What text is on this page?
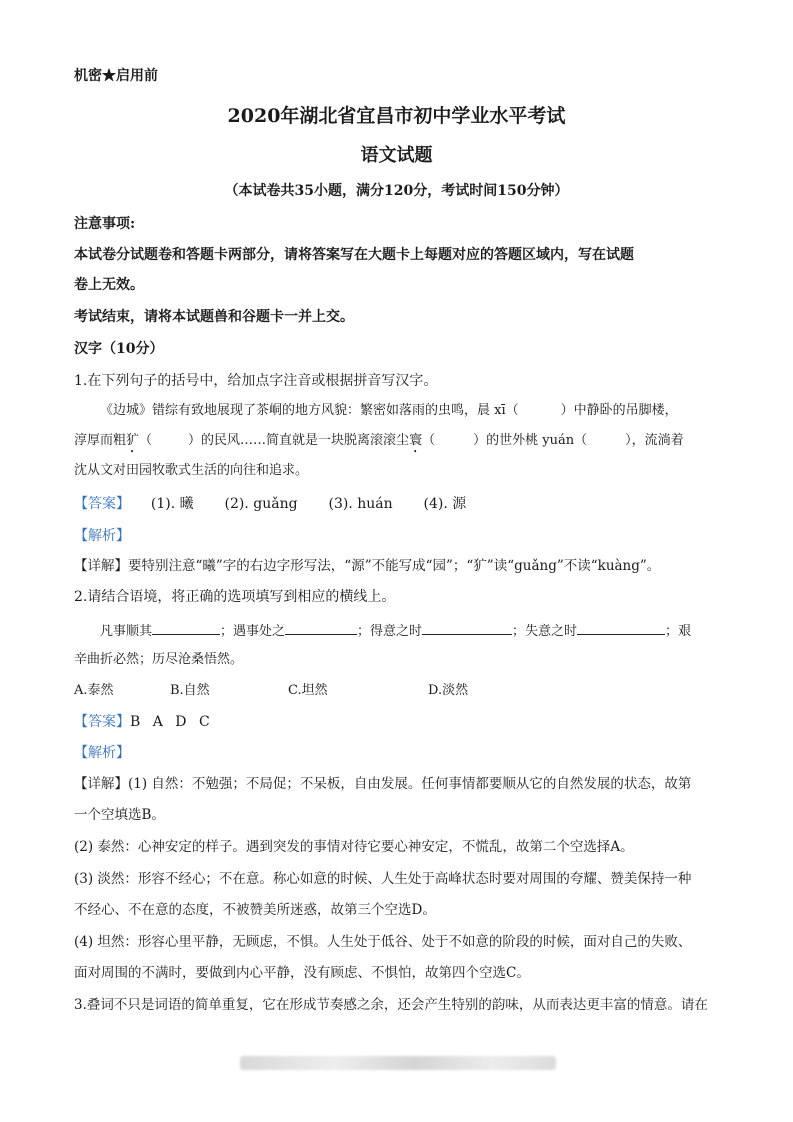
机密★启用前
2020年湖北省宜昌市初中学业水平考试
语文试题
（本试卷共35小题，满分120分，考试时间150分钟）
注意事项:
本试卷分试题卷和答题卡两部分，请将答案写在大题卡上每题对应的答题区域内，写在试题
卷上无效。
考试结束，请将本试题兽和谷题卡一并上交。
汉字（10分）
1.在下列句子的括号中，给加点字注音或根据拼音写汉字。
《边城》错综有致地展现了茶峒的地方风貌：繁密如落雨的虫鸣，晨 xī（	）中静卧的吊脚楼，
淳厚而粗犷（	）的民风……简直就是一块脱离滚滚尘寰（	）的世外桃 yuán（	），流淌着
沈从文对田园牧歌式生活的向往和追求。
【答案】 (1). 曦 (2). guǎng (3). huán (4). 源
【解析】
【详解】要特别注意“曦”字的右边字形写法，“源”不能写成“园”；“犷”读“guǎng”不读“kuàng”。
2.请结合语境，将正确的选项填写到相应的横线上。
凡事顺其	；遇事处之	；得意之时	；失意之时	；艰
辛曲折必然；历尽沧桑悟然。
A.泰然	B.自然	C.坦然	D.淡然
【答案】B A D C
【解析】
【详解】(1) 自然：不勉强；不局促；不呆板，自由发展。任何事情都要顺从它的自然发展的状态，故第
一个空填选B。
(2) 泰然：心神安定的样子。遇到突发的事情对待它要心神安定，不慌乱，故第二个空选择A。
(3) 淡然：形容不经心；不在意。称心如意的时候、人生处于高峰状态时要对周围的夸耀、赞美保持一种
不经心、不在意的态度，不被赞美所迷惑，故第三个空选D。
(4) 坦然：形容心里平静，无顾虑，不惧。人生处于低谷、处于不如意的阶段的时候，面对自己的失败、
面对周围的不满时，要做到内心平静，没有顾虑、不惧怕，故第四个空选C。
3.叠词不只是词语的简单重复，它在形成节奏感之余，还会产生特别的韵味，从而表达更丰富的情意。请在
